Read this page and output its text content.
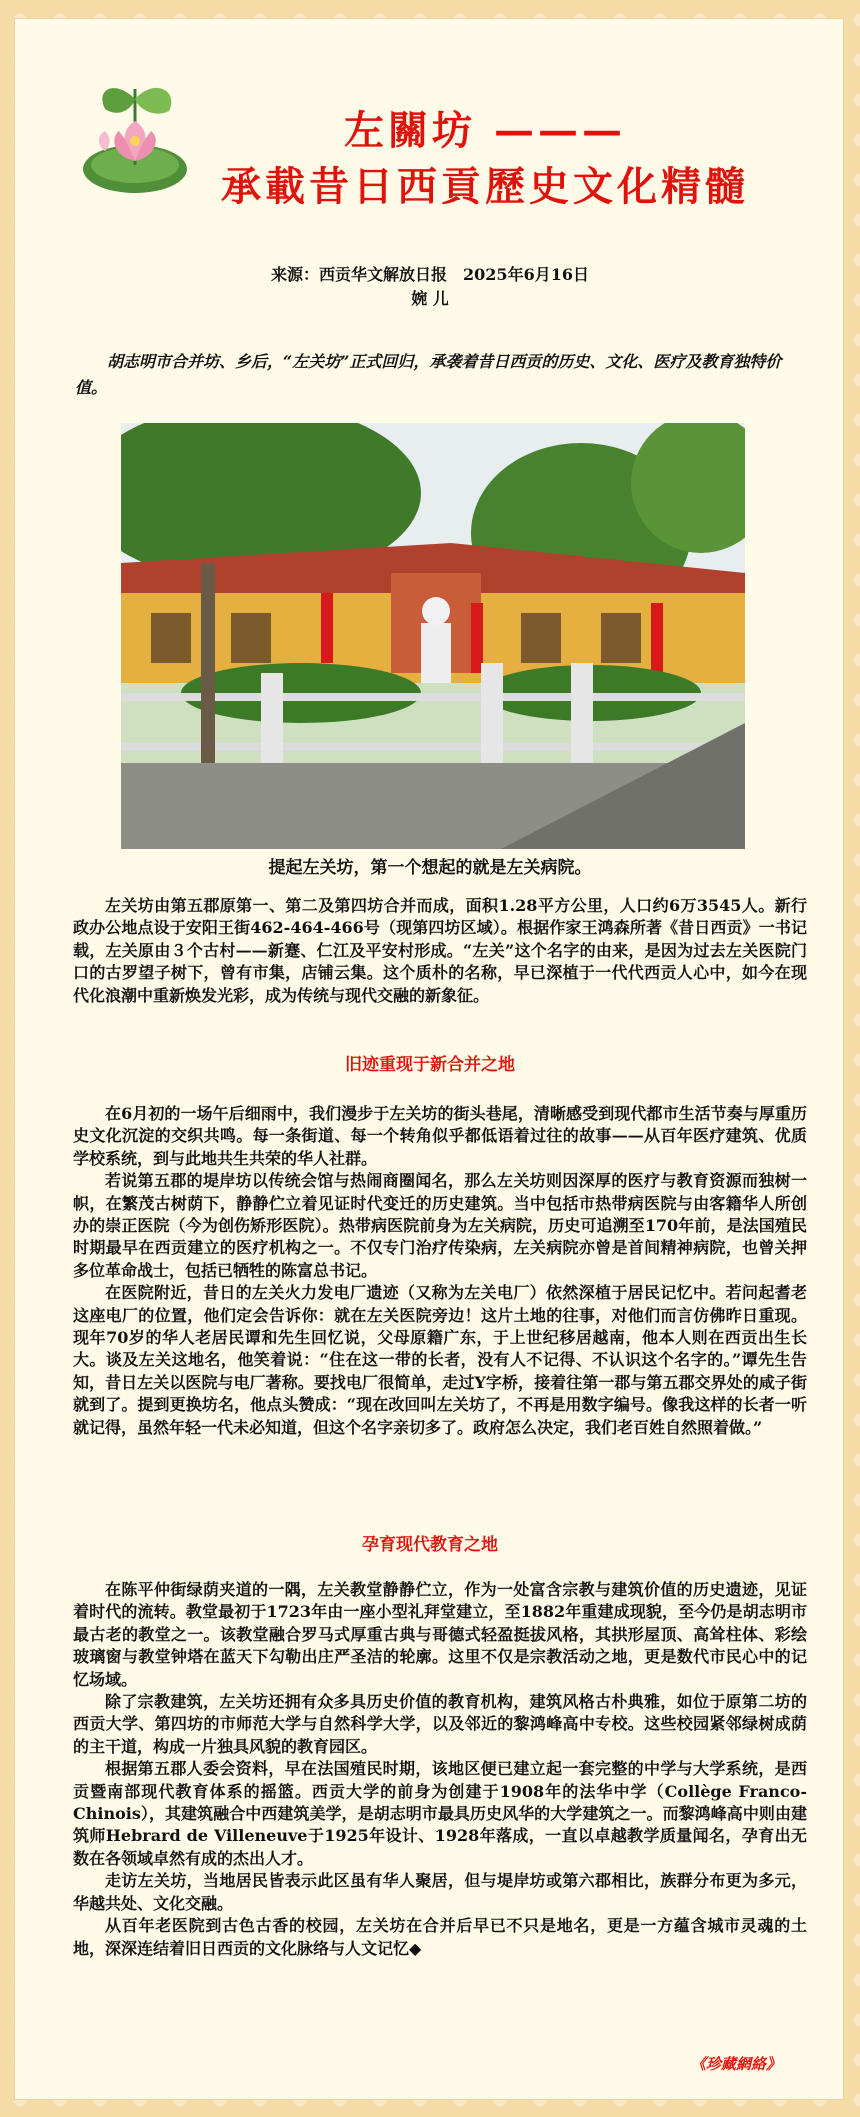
左關坊 ———
承載昔日西貢歷史文化精髓
来源：西贡华文解放日报　2025年6月16日
婉 儿
胡志明市合并坊、乡后，“左关坊”正式回归，承袭着昔日西贡的历史、文化、医疗及教育独特价值。
提起左关坊，第一个想起的就是左关病院。

左关坊由第五郡原第一、第二及第四坊合并而成，面积1.28平方公里，人口约6万3545人。新行政办公地点设于安阳王街462-464-466号（现第四坊区域）。根据作家王鸿森所著《昔日西贡》一书记载，左关原由３个古村——新蹇、仁江及平安村形成。“左关”这个名字的由来，是因为过去左关医院门口的古罗望子树下，曾有市集，店铺云集。这个质朴的名称，早已深植于一代代西贡人心中，如今在现代化浪潮中重新焕发光彩，成为传统与现代交融的新象征。

旧迹重现于新合并之地

在6月初的一场午后细雨中，我们漫步于左关坊的街头巷尾，清晰感受到现代都市生活节奏与厚重历史文化沉淀的交织共鸣。每一条街道、每一个转角似乎都低语着过往的故事——从百年医疗建筑、优质学校系统，到与此地共生共荣的华人社群。

若说第五郡的堤岸坊以传统会馆与热闹商圈闻名，那么左关坊则因深厚的医疗与教育资源而独树一帜，在繁茂古树荫下，静静伫立着见证时代变迁的历史建筑。当中包括市热带病医院与由客籍华人所创办的崇正医院（今为创伤矫形医院）。热带病医院前身为左关病院，历史可追溯至170年前，是法国殖民时期最早在西贡建立的医疗机构之一。不仅专门治疗传染病，左关病院亦曾是首间精神病院，也曾关押多位革命战士，包括已牺牲的陈富总书记。

在医院附近，昔日的左关火力发电厂遗迹（又称为左关电厂）依然深植于居民记忆中。若问起耆老这座电厂的位置，他们定会告诉你：就在左关医院旁边！这片土地的往事，对他们而言仿佛昨日重现。现年70岁的华人老居民谭和先生回忆说，父母原籍广东，于上世纪移居越南，他本人则在西贡出生长大。谈及左关这地名，他笑着说：“住在这一带的长者，没有人不记得、不认识这个名字的。”谭先生告知，昔日左关以医院与电厂著称。要找电厂很简单，走过Y字桥，接着往第一郡与第五郡交界处的咸子街就到了。提到更换坊名，他点头赞成：“现在改回叫左关坊了，不再是用数字编号。像我这样的长者一听就记得，虽然年轻一代未必知道，但这个名字亲切多了。政府怎么决定，我们老百姓自然照着做。”

孕育现代教育之地

在陈平仲街绿荫夹道的一隅，左关教堂静静伫立，作为一处富含宗教与建筑价值的历史遗迹，见证着时代的流转。教堂最初于1723年由一座小型礼拜堂建立，至1882年重建成现貌，至今仍是胡志明市最古老的教堂之一。该教堂融合罗马式厚重古典与哥德式轻盈挺拔风格，其拱形屋顶、高耸柱体、彩绘玻璃窗与教堂钟塔在蓝天下勾勒出庄严圣洁的轮廓。这里不仅是宗教活动之地，更是数代市民心中的记忆场域。

除了宗教建筑，左关坊还拥有众多具历史价值的教育机构，建筑风格古朴典雅，如位于原第二坊的西贡大学、第四坊的市师范大学与自然科学大学，以及邻近的黎鸿峰高中专校。这些校园紧邻绿树成荫的主干道，构成一片独具风貌的教育园区。

根据第五郡人委会资料，早在法国殖民时期，该地区便已建立起一套完整的中学与大学系统，是西贡暨南部现代教育体系的摇篮。西贡大学的前身为创建于1908年的法华中学（Collège Franco-Chinois），其建筑融合中西建筑美学，是胡志明市最具历史风华的大学建筑之一。而黎鸿峰高中则由建筑师Hebrard de Villeneuve于1925年设计、1928年落成，一直以卓越教学质量闻名，孕育出无数在各领域卓然有成的杰出人才。

走访左关坊，当地居民皆表示此区虽有华人聚居，但与堤岸坊或第六郡相比，族群分布更为多元，华越共处、文化交融。

从百年老医院到古色古香的校园，左关坊在合并后早已不只是地名，更是一方蕴含城市灵魂的土地，深深连结着旧日西贡的文化脉络与人文记忆◆

《珍藏網絡》
